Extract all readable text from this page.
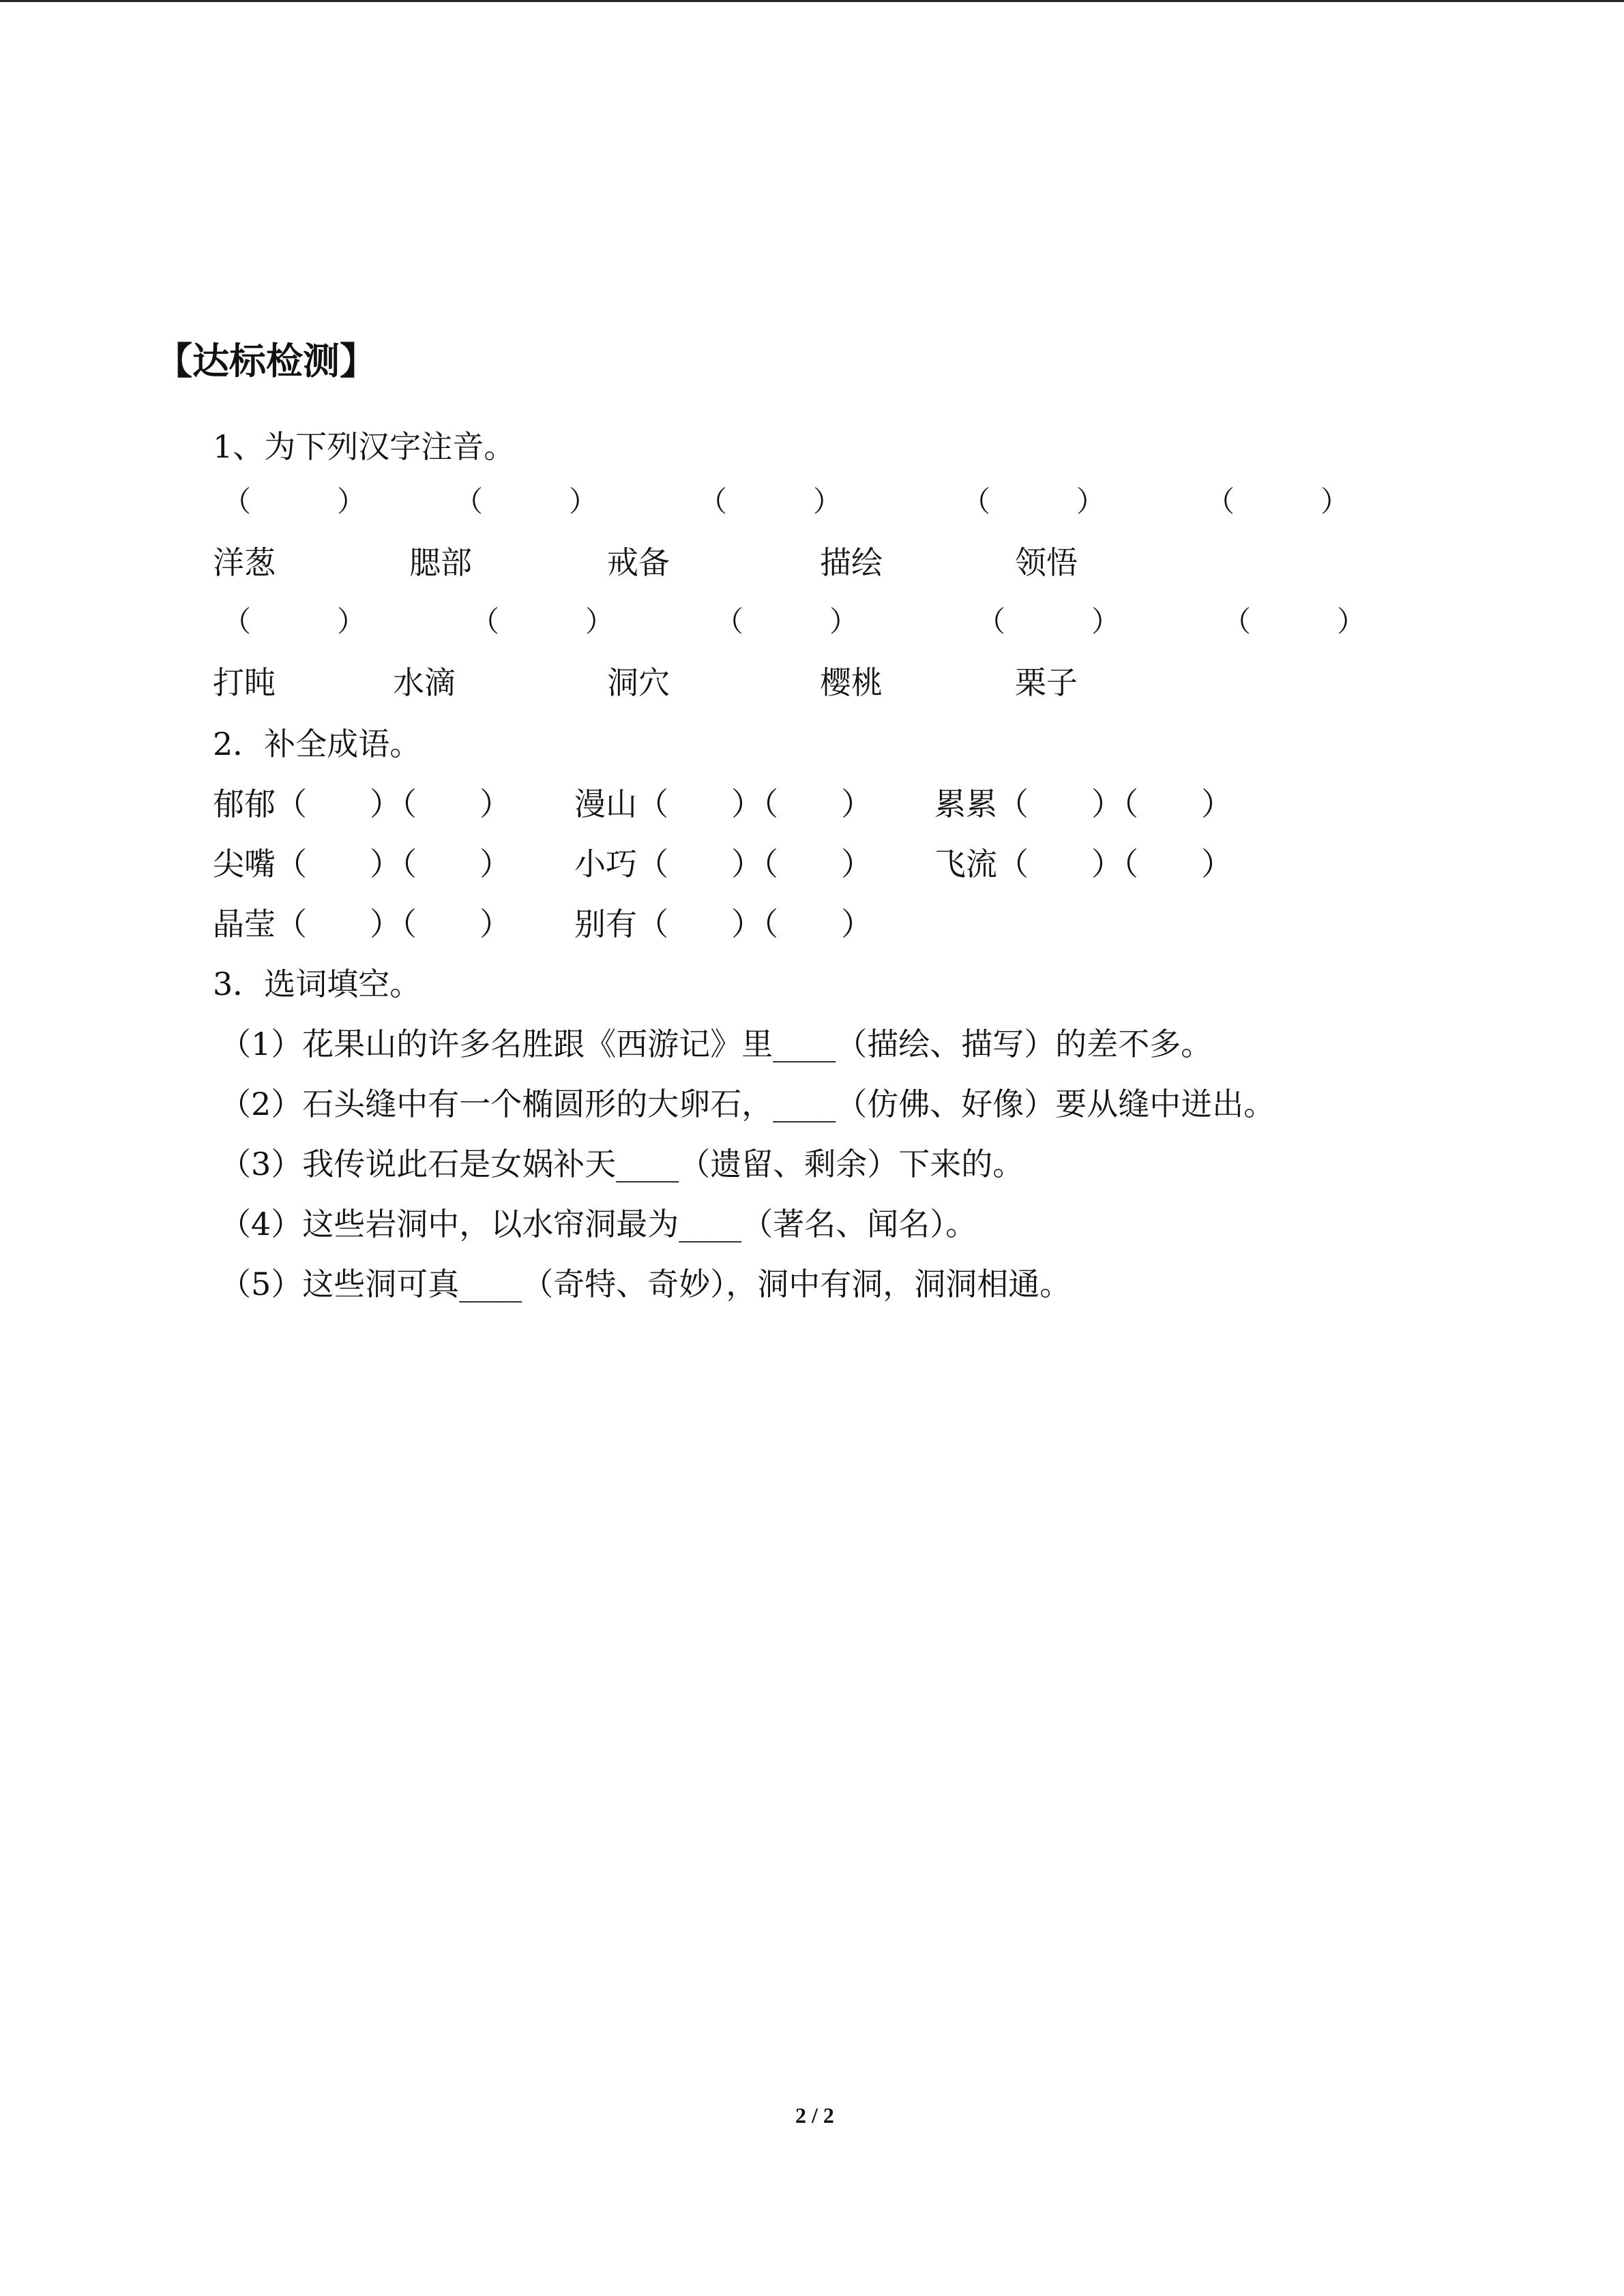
【达标检测】
1、为下列汉字注音。
（　　　）	（　　　）	（　　　）	（　　　）	（　　　）
洋葱	腮部	戒备	描绘	领悟
（　　　）	（　　　）	（　　　）	（　　　）	（　　　）
打盹	水滴	洞穴	樱桃	栗子
2．补全成语。
郁郁（　　）（　　） 漫山（　　）（　　） 累累（　　）（　　）
尖嘴（　　）（　　） 小巧（　　）（　　） 飞流（　　）（　　）
晶莹（　　）（　　） 别有（　　）（　　）
3．选词填空。
（1）花果山的许多名胜跟《西游记》里____（描绘、描写）的差不多。
（2）石头缝中有一个椭圆形的大卵石，____（仿佛、好像）要从缝中迸出。
（3）我传说此石是女娲补天____（遗留、剩余）下来的。
（4）这些岩洞中，以水帘洞最为____（著名、闻名）。
（5）这些洞可真____（奇特、奇妙），洞中有洞，洞洞相通。
2 / 2
